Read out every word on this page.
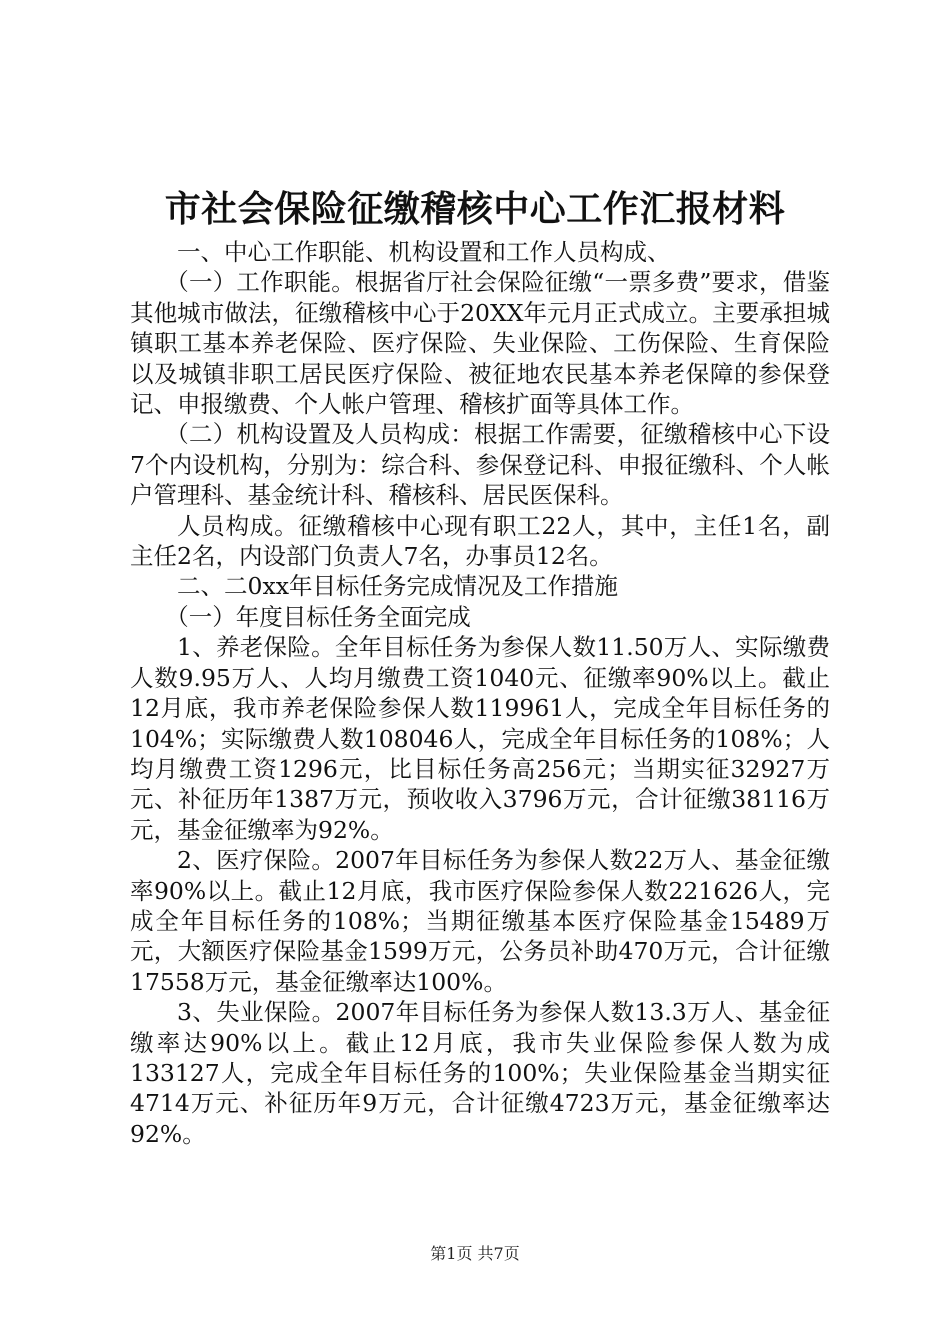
市社会保险征缴稽核中心工作汇报材料

一、中心工作职能、机构设置和工作人员构成、

（一）工作职能。根据省厅社会保险征缴“一票多费”要求，借鉴其他城市做法，征缴稽核中心于20XX年元月正式成立。主要承担城镇职工基本养老保险、医疗保险、失业保险、工伤保险、生育保险以及城镇非职工居民医疗保险、被征地农民基本养老保障的参保登记、申报缴费、个人帐户管理、稽核扩面等具体工作。

（二）机构设置及人员构成：根据工作需要，征缴稽核中心下设7个内设机构，分别为：综合科、参保登记科、申报征缴科、个人帐户管理科、基金统计科、稽核科、居民医保科。

人员构成。征缴稽核中心现有职工22人，其中，主任1名，副主任2名，内设部门负责人7名，办事员12名。

二、二0xx年目标任务完成情况及工作措施

（一）年度目标任务全面完成

1、养老保险。全年目标任务为参保人数11.50万人、实际缴费人数9.95万人、人均月缴费工资1040元、征缴率90%以上。截止12月底，我市养老保险参保人数119961人，完成全年目标任务的104%；实际缴费人数108046人，完成全年目标任务的108%；人均月缴费工资1296元，比目标任务高256元；当期实征32927万元、补征历年1387万元，预收收入3796万元，合计征缴38116万元，基金征缴率为92%。

2、医疗保险。2007年目标任务为参保人数22万人、基金征缴率90%以上。截止12月底，我市医疗保险参保人数221626人，完成全年目标任务的108%；当期征缴基本医疗保险基金15489万元，大额医疗保险基金1599万元，公务员补助470万元，合计征缴17558万元，基金征缴率达100%。

3、失业保险。2007年目标任务为参保人数13.3万人、基金征缴率达90%以上。截止12月底，我市失业保险参保人数为成133127人，完成全年目标任务的100%；失业保险基金当期实征4714万元、补征历年9万元，合计征缴4723万元，基金征缴率达92%。

第1页 共7页
